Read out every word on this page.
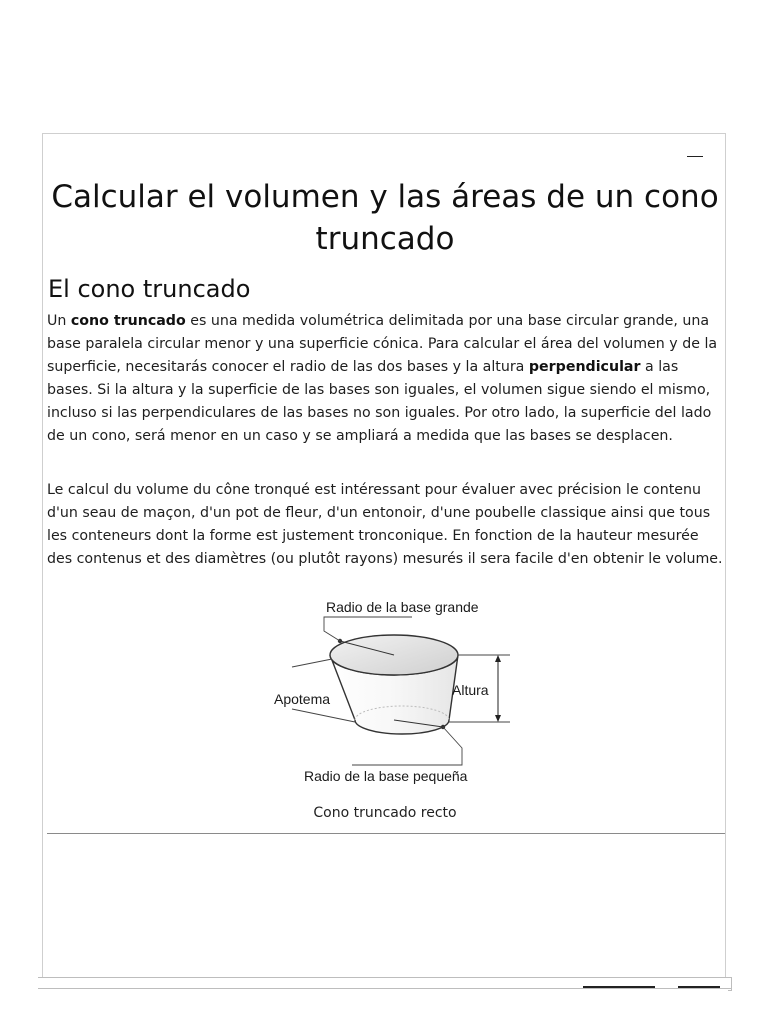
Calcular el volumen y las áreas de un cono truncado
El cono truncado

Un cono truncado es una medida volumétrica delimitada por una base circular grande, una base paralela circular menor y una superficie cónica. Para calcular el área del volumen y de la superficie, necesitarás conocer el radio de las dos bases y la altura perpendicular a las bases. Si la altura y la superficie de las bases son iguales, el volumen sigue siendo el mismo, incluso si las perpendiculares de las bases no son iguales. Por otro lado, la superficie del lado de un cono, será menor en un caso y se ampliará a medida que las bases se desplacen.

Le calcul du volume du cône tronqué est intéressant pour évaluer avec précision le contenu d'un seau de maçon, d'un pot de fleur, d'un entonoir, d'une poubelle classique ainsi que tous les conteneurs dont la forme est justement tronconique. En fonction de la hauteur mesurée des contenus et des diamètres (ou plutôt rayons) mesurés il sera facile d'en obtenir le volume.

Radio de la base grande
Apotema
Altura
Radio de la base pequeña
Cono truncado recto
